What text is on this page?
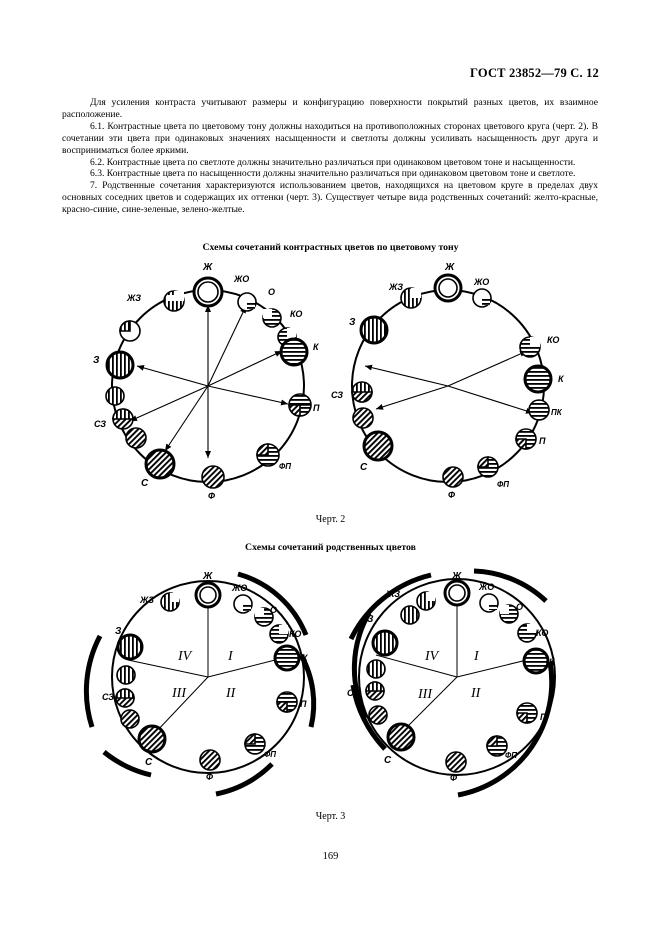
ГОСТ 23852—79 С. 12

Для усиления контраста учитывают размеры и конфигурацию поверхности покрытий разных цветов, их взаимное расположение.

6.1. Контрастные цвета по цветовому тону должны находиться на противоположных сторонах цветового круга (черт. 2). В сочетании эти цвета при одинаковых значениях насыщенности и светлоты должны усиливать насыщенность друг друга и восприниматься более яркими.

6.2. Контрастные цвета по светлоте должны значительно различаться при одинаковом цветовом тоне и насыщенности.

6.3. Контрастные цвета по насыщенности должны значительно различаться при одинаковом цветовом тоне и светлоте.

7. Родственные сочетания характеризуются использованием цветов, находящихся на цветовом круге в пределах двух основных соседних цветов и содержащих их оттенки (черт. 3). Существует четыре вида родственных сочетаний: желто-красные, красно-синие, сине-зеленые, зелено-желтые.

Схемы сочетаний контрастных цветов по цветовому тону
Ж
ЖО
О
КО
К
П
ФП
Ф
С
СЗ
З
ЖЗ
Ж
ЖО
КО
К
ПК
П
ФП
Ф
С
СЗ
З
ЖЗ
Черт. 2
Схемы сочетаний родственных цветов
Ж
ЖО
О
КО
К
П
ФП
Ф
С
СЗ
З
ЖЗ
I
II
III
IV
Ж
ЖО
О
КО
К
П
ФП
Ф
С
СЗ
З
ЖЗ
I
II
III
IV
Черт. 3
169
